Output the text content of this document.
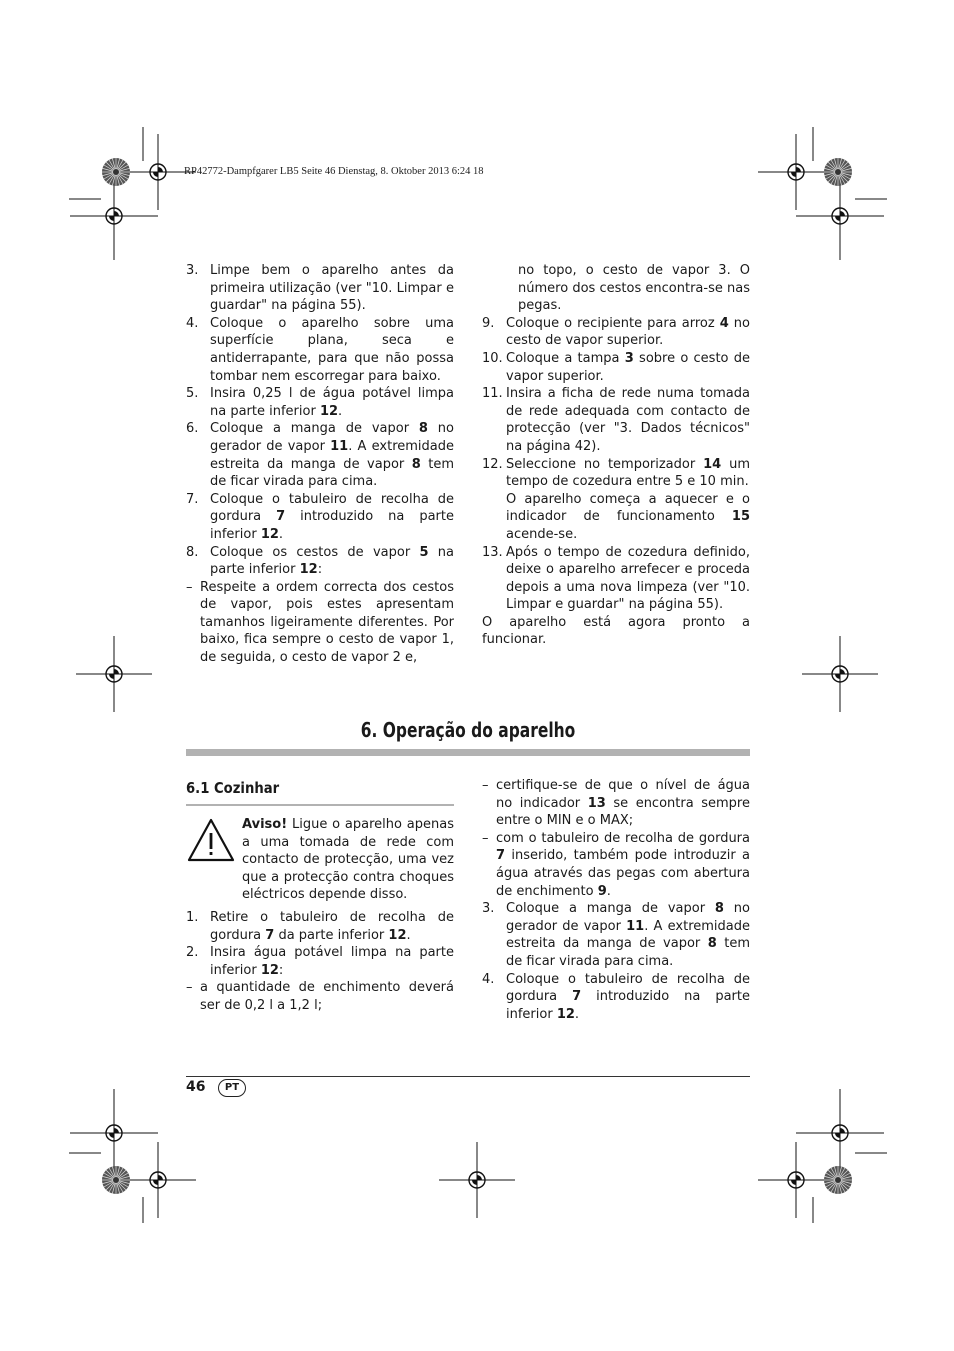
RP42772-Dampfgarer LB5 Seite 46 Dienstag, 8. Oktober 2013 6:24 18

3. Limpe bem o aparelho antes da primeira utilização (ver "10. Limpar e guardar" na página 55).

4. Coloque o aparelho sobre uma superfície plana, seca e antiderrapante, para que não possa tombar nem escorregar para baixo.

5. Insira 0,25 l de água potável limpa na parte inferior 12.

6. Coloque a manga de vapor 8 no gerador de vapor 11. A extremidade estreita da manga de vapor 8 tem de ficar virada para cima.

7. Coloque o tabuleiro de recolha de gordura 7 introduzido na parte inferior 12.

8. Coloque os cestos de vapor 5 na parte inferior 12:

– Respeite a ordem correcta dos cestos de vapor, pois estes apresentam tamanhos ligeiramente diferentes. Por baixo, fica sempre o cesto de vapor 1, de seguida, o cesto de vapor 2 e,

no topo, o cesto de vapor 3. O número dos cestos encontra-se nas pegas.

9. Coloque o recipiente para arroz 4 no cesto de vapor superior.

10. Coloque a tampa 3 sobre o cesto de vapor superior.

11. Insira a ficha de rede numa tomada de rede adequada com contacto de protecção (ver "3. Dados técnicos" na página 42).

12. Seleccione no temporizador 14 um tempo de cozedura entre 5 e 10 min.

O aparelho começa a aquecer e o indicador de funcionamento 15 acende-se.

13. Após o tempo de cozedura definido, deixe o aparelho arrefecer e proceda depois a uma nova limpeza (ver "10. Limpar e guardar" na página 55).

O aparelho está agora pronto a funcionar.

6. Operação do aparelho
6.1 Cozinhar

Aviso! Ligue o aparelho apenas a uma tomada de rede com contacto de protecção, uma vez que a protecção contra choques eléctricos depende disso.

1. Retire o tabuleiro de recolha de gordura 7 da parte inferior 12.

2. Insira água potável limpa na parte inferior 12:

– a quantidade de enchimento deverá ser de 0,2 l a 1,2 l;

– certifique-se de que o nível de água no indicador 13 se encontra sempre entre o MIN e o MAX;

– com o tabuleiro de recolha de gordura 7 inserido, também pode introduzir a água através das pegas com abertura de enchimento 9.

3. Coloque a manga de vapor 8 no gerador de vapor 11. A extremidade estreita da manga de vapor 8 tem de ficar virada para cima.

4. Coloque o tabuleiro de recolha de gordura 7 introduzido na parte inferior 12.

46	PT
